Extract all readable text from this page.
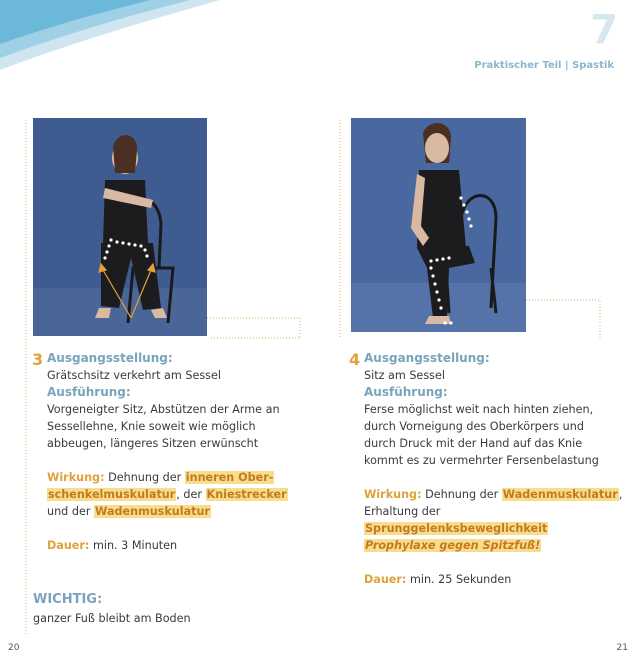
7
Praktischer Teil | Spastik
3 Ausgangsstellung:
Grätschsitz verkehrt am Sessel
Ausführung:
Vorgeneigter Sitz, Abstützen der Arme an
Sessellehne, Knie soweit wie möglich
abbeugen, längeres Sitzen erwünscht
Wirkung: Dehnung der inneren Ober-
schenkelmuskulatur, der Kniestrecker
und der Wadenmuskulatur
Dauer: min. 3 Minuten
WICHTIG:
ganzer Fuß bleibt am Boden
4 Ausgangsstellung:
Sitz am Sessel
Ausführung:
Ferse möglichst weit nach hinten ziehen,
durch Vorneigung des Oberkörpers und
durch Druck mit der Hand auf das Knie
kommt es zu vermehrter Fersenbelastung
Wirkung: Dehnung der Wadenmuskulatur,
Erhaltung der Sprunggelenksbeweglichkeit
Prophylaxe gegen Spitzfuß!
Dauer: min. 25 Sekunden
20	21
